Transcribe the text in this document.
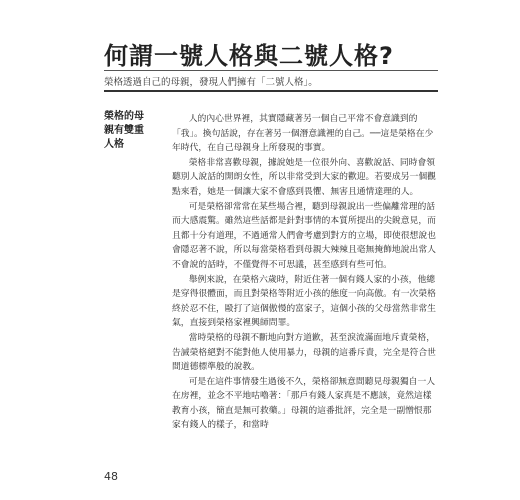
何謂一號人格與二號人格?
榮格透過自己的母親，發現人們擁有「二號人格」。
榮格的母
親有雙重
人格

人的內心世界裡，其實隱藏著另一個自己平常不會意識到的「我」。換句話說，存在著另一個潛意識裡的自己。──這是榮格在少年時代，在自己母親身上所發現的事實。

榮格非常喜歡母親，據說她是一位很外向、喜歡說話、同時會領聽別人說話的開朗女性，所以非常受到大家的歡迎。若要成另一個觀點來看，她是一個讓大家不會感到畏懼、無害且通情達理的人。

可是榮格卻常常在某些場合裡，聽到母親說出一些偏離常理的話而大感震驚。雖然這些話都是針對事情的本質所提出的尖銳意見，而且都十分有道理，不過通常人們會考慮到對方的立場，即使很想說也會隱忍著不說，所以每當榮格看到母親大辣辣且毫無掩飾地說出常人不會說的話時，不僅覺得不可思議，甚至感到有些可怕。

舉例來說，在榮格六歲時，附近住著一個有錢人家的小孩，他總是穿得很體面，而且對榮格等附近小孩的態度一向高傲。有一次榮格終於忍不住，毆打了這個傲慢的富家子，這個小孩的父母當然非常生氣，直接到榮格家裡興師問罪。

當時榮格的母親不斷地向對方道歉，甚至淚流滿面地斥責榮格，告誡榮格絕對不能對他人使用暴力，母親的這番斥責，完全是符合世間道德標準般的說教。

可是在這件事情發生過後不久，榮格卻無意間聽見母親獨自一人在房裡，並念不平地咕嚕著：「那戶有錢人家真是不應該，竟然這樣教育小孩，簡直是無可救藥。」母親的這番批評，完全是一副憎恨那家有錢人的樣子，和當時

48
